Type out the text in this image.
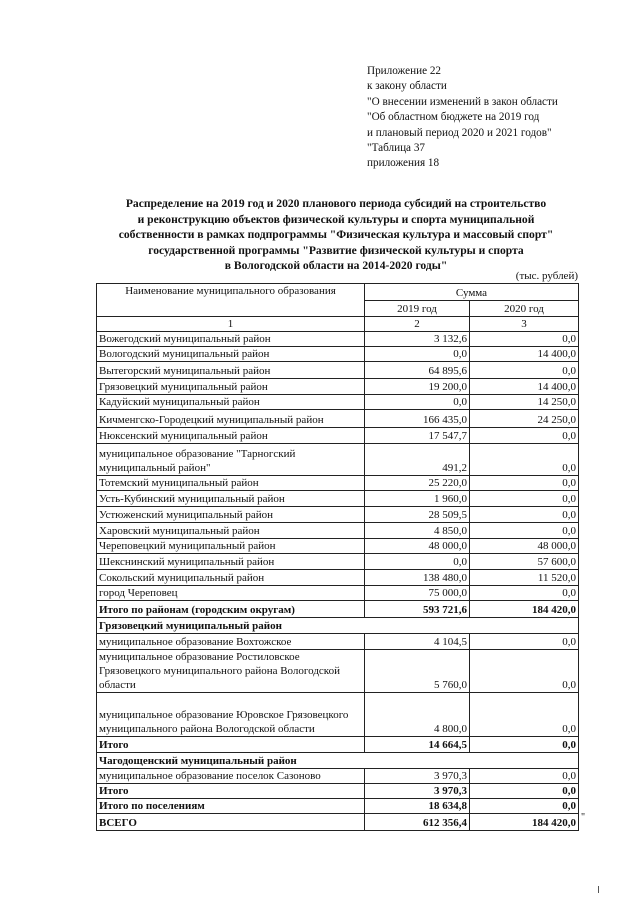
Приложение 22
к закону области
"О внесении изменений в закон области
"Об областном бюджете на 2019 год
и плановый период 2020 и 2021 годов"
"Таблица 37
приложения 18
Распределение на 2019 год и 2020 планового периода субсидий на строительство
и реконструкцию объектов физической культуры и спорта муниципальной
собственности в рамках подпрограммы "Физическая культура и массовый спорт"
государственной программы "Развитие физической культуры и спорта
в Вологодской области на 2014-2020 годы"
(тыс. рублей)
Наименование муниципального образования	Сумма	
	2019 год	2020 год
1	2	3
Вожегодский муниципальный район	3 132,6	0,0
Вологодский муниципальный район	0,0	14 400,0
Вытегорский муниципальный район	64 895,6	0,0
Грязовецкий муниципальный район	19 200,0	14 400,0
Кадуйский муниципальный район	0,0	14 250,0
Кичменгско-Городецкий муниципальный район	166 435,0	24 250,0
Нюксенский муниципальный район	17 547,7	0,0
муниципальное образование "Тарногский муниципальный район"	491,2	0,0
Тотемский муниципальный район	25 220,0	0,0
Усть-Кубинский муниципальный район	1 960,0	0,0
Устюженский муниципальный район	28 509,5	0,0
Харовский муниципальный район	4 850,0	0,0
Череповецкий муниципальный район	48 000,0	48 000,0
Шекснинский муниципальный район	0,0	57 600,0
Сокольский муниципальный район	138 480,0	11 520,0
город Череповец	75 000,0	0,0
Итого по районам (городским округам)	593 721,6	184 420,0
Грязовецкий муниципальный район		
муниципальное образование Вохтожское	4 104,5	0,0
муниципальное образование Ростиловское Грязовецкого муниципального района Вологодской области	5 760,0	0,0
муниципальное образование Юровское Грязовецкого муниципального района Вологодской области	4 800,0	0,0
Итого	14 664,5	0,0
Чагодощенский муниципальный район		
муниципальное образование поселок Сазоново	3 970,3	0,0
Итого	3 970,3	0,0
Итого по поселениям	18 634,8	0,0
ВСЕГО	612 356,4	184 420,0 "
